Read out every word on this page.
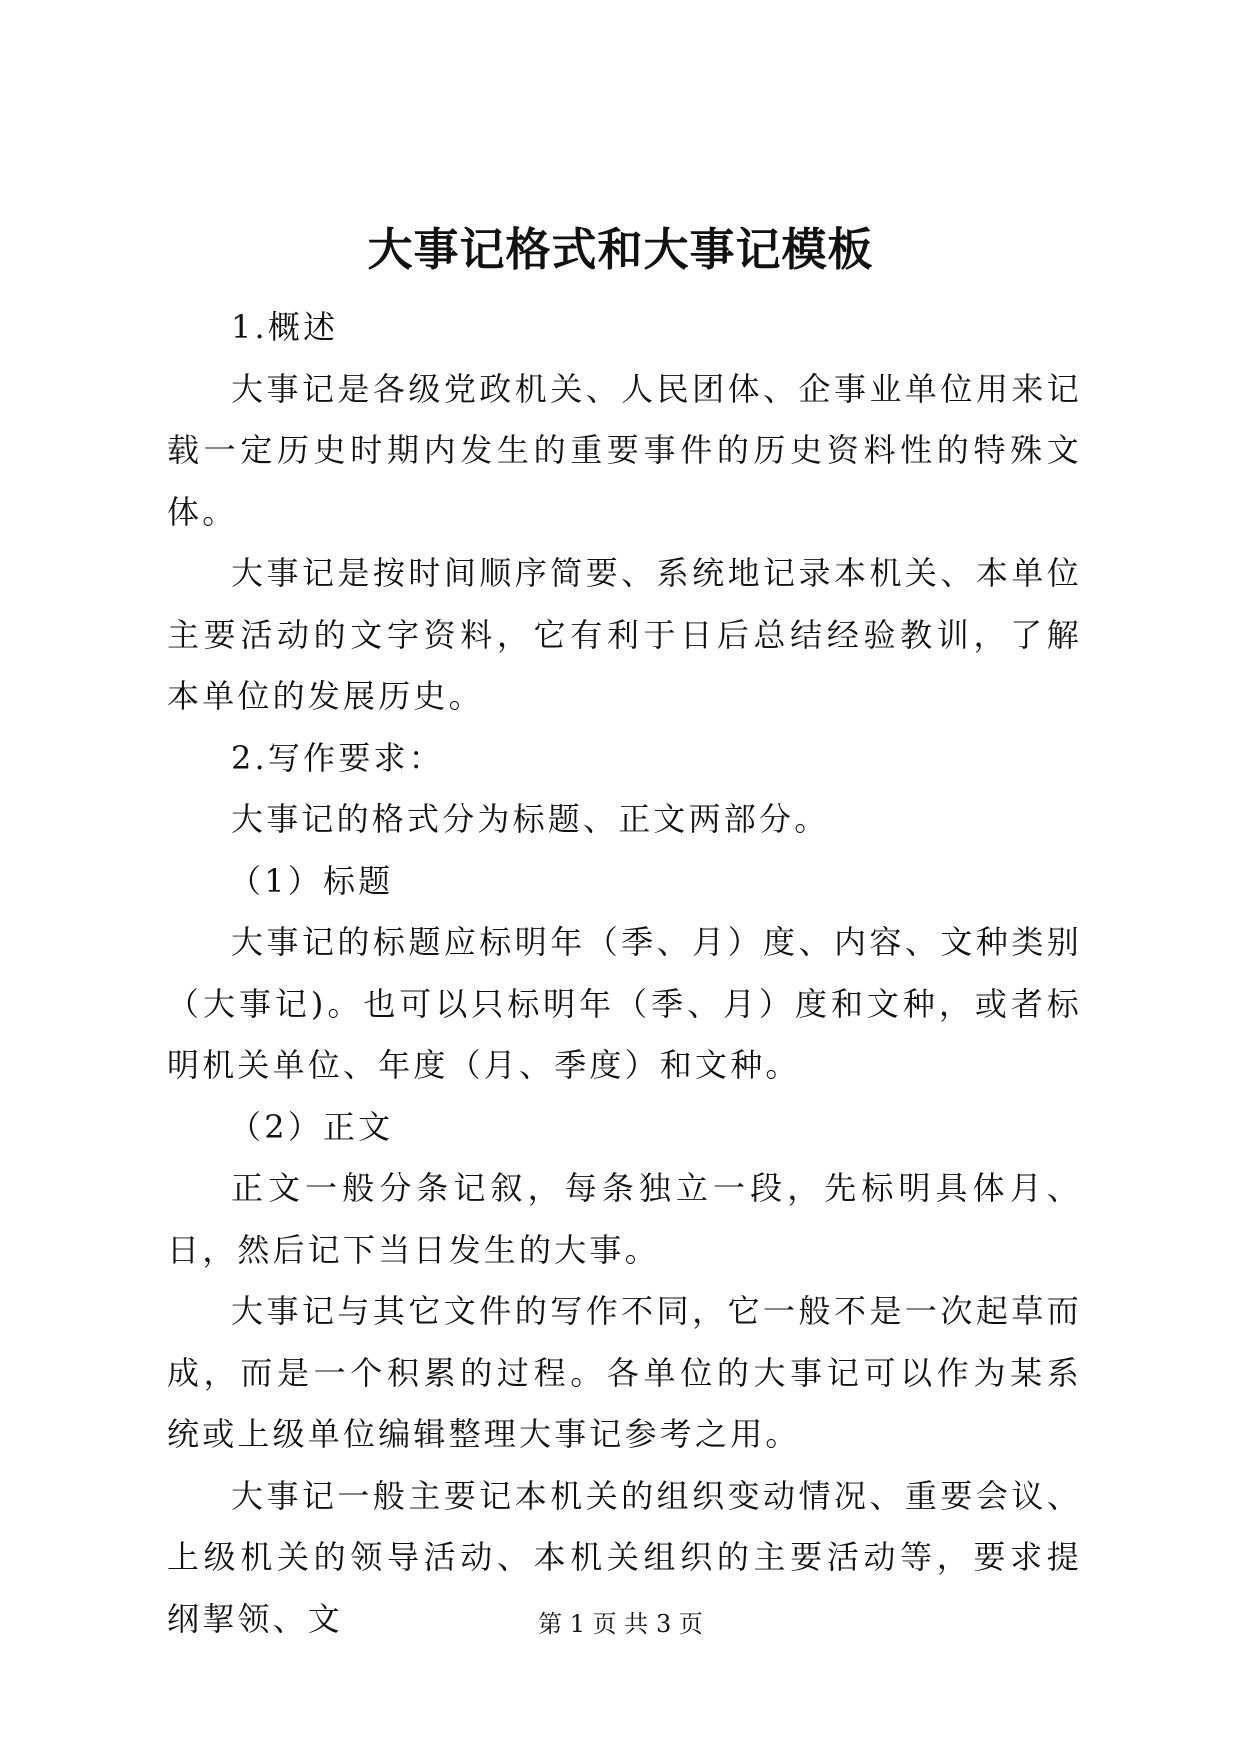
大事记格式和大事记模板

1.概述

大事记是各级党政机关、人民团体、企事业单位用来记载一定历史时期内发生的重要事件的历史资料性的特殊文体。

大事记是按时间顺序简要、系统地记录本机关、本单位主要活动的文字资料，它有利于日后总结经验教训，了解本单位的发展历史。

2.写作要求：

大事记的格式分为标题、正文两部分。

（1）标题

大事记的标题应标明年（季、月）度、内容、文种类别（大事记)。也可以只标明年（季、月）度和文种，或者标明机关单位、年度（月、季度）和文种。

（2）正文

正文一般分条记叙，每条独立一段，先标明具体月、日，然后记下当日发生的大事。

大事记与其它文件的写作不同，它一般不是一次起草而成，而是一个积累的过程。各单位的大事记可以作为某系统或上级单位编辑整理大事记参考之用。

大事记一般主要记本机关的组织变动情况、重要会议、上级机关的领导活动、本机关组织的主要活动等，要求提纲挈领、文	第 1 页 共 3 页
